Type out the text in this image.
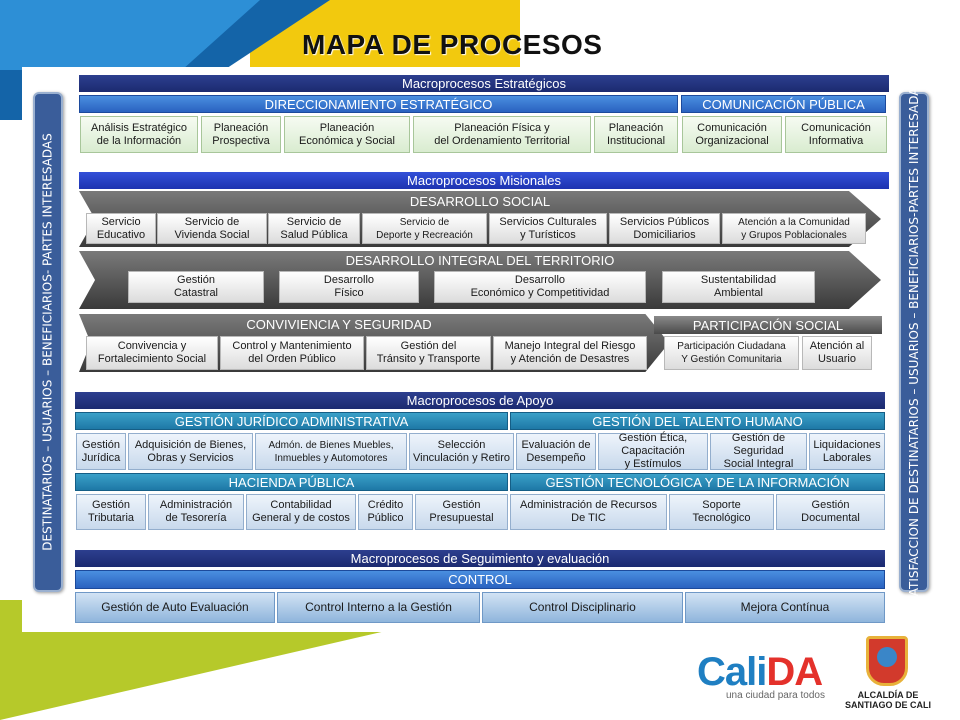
MAPA DE PROCESOS
DESTINATARIOS – USUARIOS – BENEFICIARIOS- PARTES INTERESADAS	SATISFACCION DE DESTINATARIOS – USUARIOS – BENEFICIARIOS-PARTES INTERESADAS
Macroprocesos Estratégicos
DIRECCIONAMIENTO ESTRATÉGICO	COMUNICACIÓN PÚBLICA
Análisis Estratégico
de la Información
Planeación
Prospectiva
Planeación
Económica y Social
Planeación Física y
del Ordenamiento Territorial
Planeación
Institucional
Comunicación
Organizacional
Comunicación
Informativa
Macroprocesos Misionales
DESARROLLO SOCIAL
Servicio
Educativo
Servicio de
Vivienda Social
Servicio de
Salud Pública
Servicio de
Deporte y Recreación
Servicios Culturales
y Turísticos
Servicios Públicos
Domiciliarios
Atención a la Comunidad
y Grupos Poblacionales
DESARROLLO INTEGRAL DEL TERRITORIO
Gestión
Catastral
Desarrollo
Físico
Desarrollo
Económico y Competitividad
Sustentabilidad
Ambiental
CONVIVIENCIA Y SEGURIDAD
Convivencia y
Fortalecimiento Social
Control y Mantenimiento
del Orden Público
Gestión del
Tránsito y Transporte
Manejo Integral del Riesgo
y Atención de Desastres
PARTICIPACIÓN SOCIAL
Participación Ciudadana
Y Gestión Comunitaria
Atención al
Usuario
Macroprocesos de Apoyo
GESTIÓN JURÍDICO ADMINISTRATIVA	GESTIÓN DEL TALENTO HUMANO
Gestión
Jurídica
Adquisición de Bienes,
Obras y Servicios
Admón. de Bienes Muebles,
Inmuebles y Automotores
Selección
Vinculación y Retiro
Evaluación de
Desempeño
Gestión Ética,
Capacitación
y Estímulos
Gestión de
Seguridad
Social Integral
Liquidaciones
Laborales
HACIENDA PÚBLICA	GESTIÓN TECNOLÓGICA Y DE LA INFORMACIÓN
Gestión
Tributaria
Administración
de Tesorería
Contabilidad
General y de costos
Crédito
Público
Gestión
Presupuestal
Administración de Recursos
De TIC
Soporte
Tecnológico
Gestión
Documental
Macroprocesos de Seguimiento y evaluación
CONTROL
Gestión de Auto Evaluación	Control Interno a la Gestión	Control Disciplinario	Mejora Contínua
CaliDA
una ciudad para todos	ALCALDÍA DE
SANTIAGO DE CALI
